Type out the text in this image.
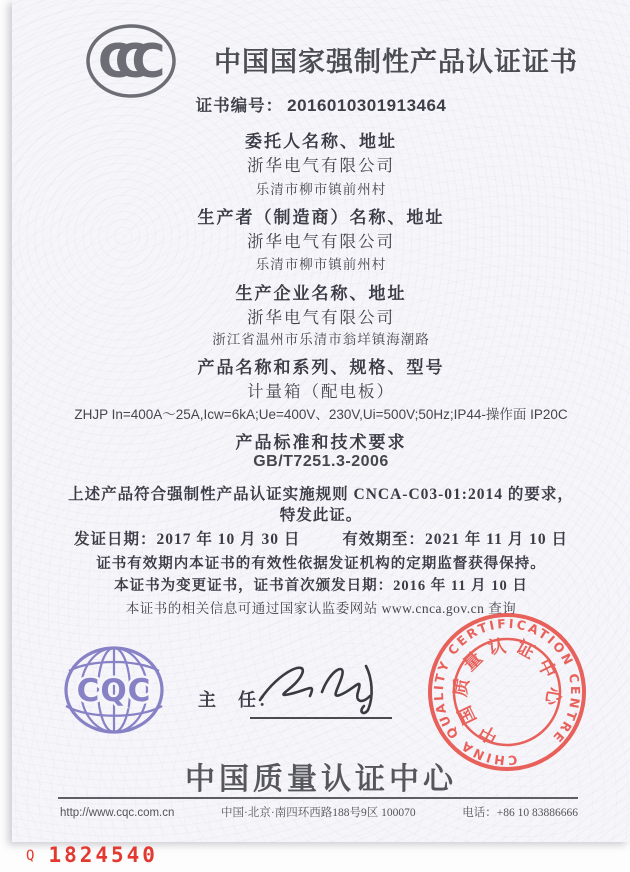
CCC	中国国家强制性产品认证证书
证书编号： 2016010301913464
委托人名称、地址
浙华电气有限公司
乐清市柳市镇前州村
生产者（制造商）名称、地址
浙华电气有限公司
乐清市柳市镇前州村
生产企业名称、地址
浙华电气有限公司
浙江省温州市乐清市翁垟镇海潮路
产品名称和系列、规格、型号
计量箱（配电板）
ZHJP In=400A～25A,Icw=6kA;Ue=400V、230V,Ui=500V;50Hz;IP44-操作面 IP20C
产品标准和技术要求
GB/T7251.3-2006
上述产品符合强制性产品认证实施规则 CNCA-C03-01:2014 的要求，
特发此证。
发证日期：2017 年 10 月 30 日	有效期至：2021 年 11 月 10 日
证书有效期内本证书的有效性依据发证机构的定期监督获得保持。
本证书为变更证书，证书首次颁发日期：2016 年 11 月 10 日
本证书的相关信息可通过国家认监委网站 www.cnca.gov.cn 查询
CQC	主　任：
CHINA QUALITY CERTIFICATION CENTRE
中国质量认证中心
中国质量认证中心
http://www.cqc.com.cn	中国·北京·南四环西路188号9区 100070	电话：+86 10 83886666
Q 1824540
